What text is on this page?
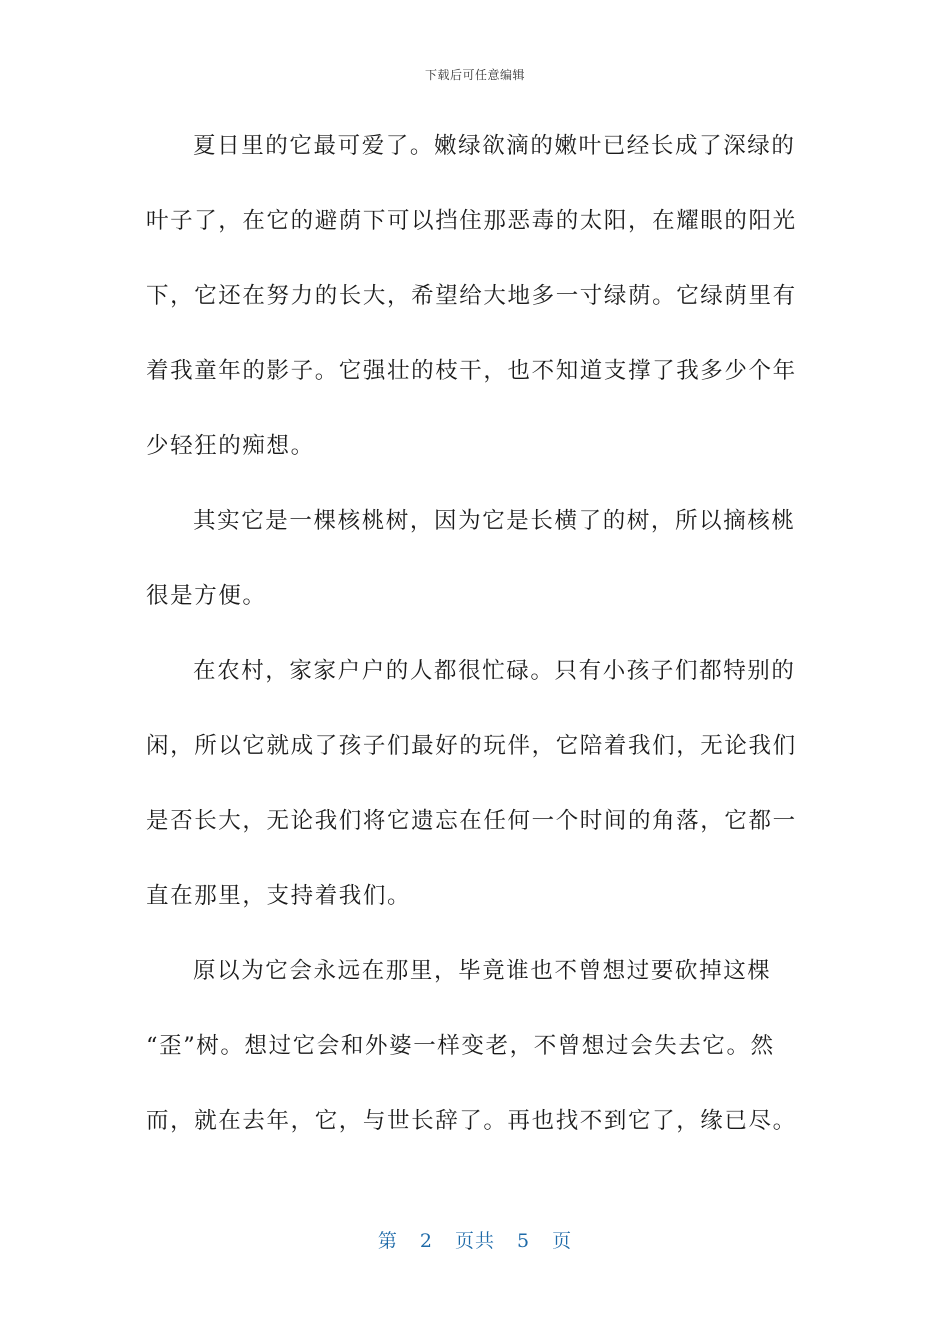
下载后可任意编辑
夏日里的它最可爱了。嫩绿欲滴的嫩叶已经长成了深绿的
叶子了，在它的避荫下可以挡住那恶毒的太阳，在耀眼的阳光
下，它还在努力的长大，希望给大地多一寸绿荫。它绿荫里有
着我童年的影子。它强壮的枝干，也不知道支撑了我多少个年
少轻狂的痴想。
其实它是一棵核桃树，因为它是长横了的树，所以摘核桃
很是方便。
在农村，家家户户的人都很忙碌。只有小孩子们都特别的
闲，所以它就成了孩子们最好的玩伴，它陪着我们，无论我们
是否长大，无论我们将它遗忘在任何一个时间的角落，它都一
直在那里，支持着我们。
原以为它会永远在那里，毕竟谁也不曾想过要砍掉这棵
“歪”树。想过它会和外婆一样变老，不曾想过会失去它。然
而，就在去年，它，与世长辞了。再也找不到它了，缘已尽。
第 2 页共 5 页
